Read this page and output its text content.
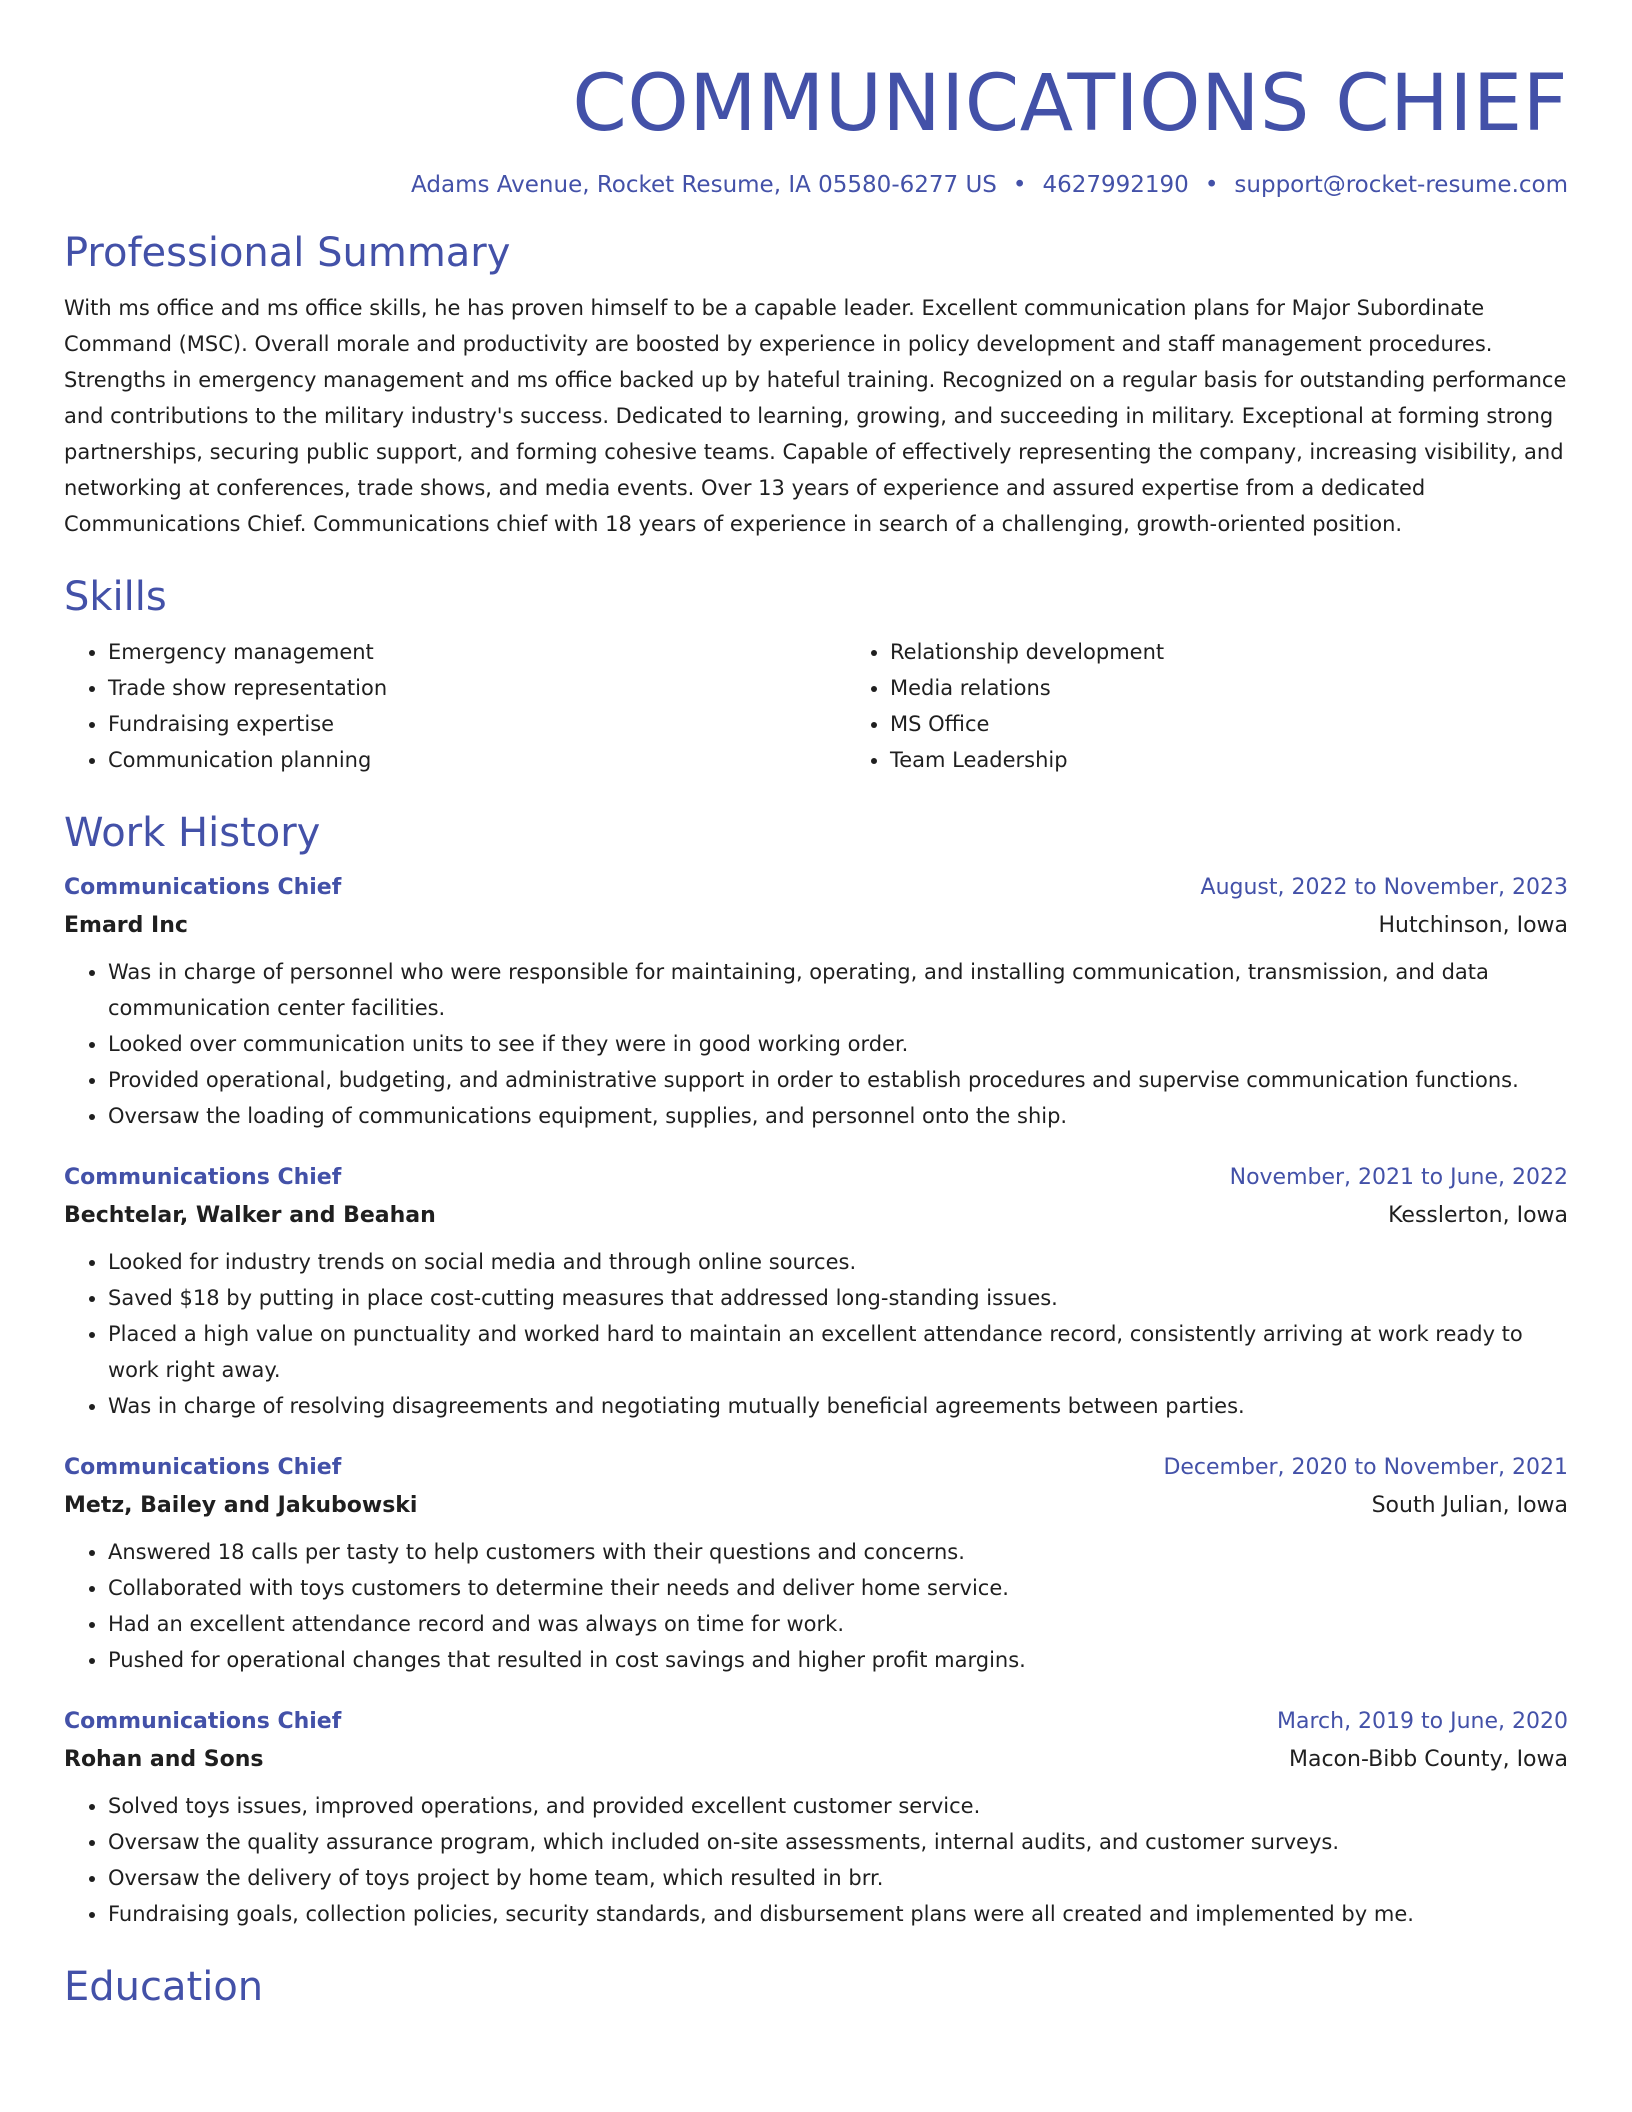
COMMUNICATIONS CHIEF
Adams Avenue, Rocket Resume, IA 05580-6277 US • 4627992190 • support@rocket-resume.com
Professional Summary

With ms office and ms office skills, he has proven himself to be a capable leader. Excellent communication plans for Major Subordinate Command (MSC). Overall morale and productivity are boosted by experience in policy development and staff management procedures. Strengths in emergency management and ms office backed up by hateful training. Recognized on a regular basis for outstanding performance and contributions to the military industry's success. Dedicated to learning, growing, and succeeding in military. Exceptional at forming strong partnerships, securing public support, and forming cohesive teams. Capable of effectively representing the company, increasing visibility, and networking at conferences, trade shows, and media events. Over 13 years of experience and assured expertise from a dedicated Communications Chief. Communications chief with 18 years of experience in search of a challenging, growth-oriented position.

Skills
• Emergency management
• Trade show representation
• Fundraising expertise
• Communication planning
• Relationship development
• Media relations
• MS Office
• Team Leadership
Work History
Communications Chief	August, 2022 to November, 2023
Emard Inc	Hutchinson, Iowa
• Was in charge of personnel who were responsible for maintaining, operating, and installing communication, transmission, and data communication center facilities.
• Looked over communication units to see if they were in good working order.
• Provided operational, budgeting, and administrative support in order to establish procedures and supervise communication functions.
• Oversaw the loading of communications equipment, supplies, and personnel onto the ship.
Communications Chief	November, 2021 to June, 2022
Bechtelar, Walker and Beahan	Kesslerton, Iowa
• Looked for industry trends on social media and through online sources.
• Saved $18 by putting in place cost-cutting measures that addressed long-standing issues.
• Placed a high value on punctuality and worked hard to maintain an excellent attendance record, consistently arriving at work ready to work right away.
• Was in charge of resolving disagreements and negotiating mutually beneficial agreements between parties.
Communications Chief	December, 2020 to November, 2021
Metz, Bailey and Jakubowski	South Julian, Iowa
• Answered 18 calls per tasty to help customers with their questions and concerns.
• Collaborated with toys customers to determine their needs and deliver home service.
• Had an excellent attendance record and was always on time for work.
• Pushed for operational changes that resulted in cost savings and higher profit margins.
Communications Chief	March, 2019 to June, 2020
Rohan and Sons	Macon-Bibb County, Iowa
• Solved toys issues, improved operations, and provided excellent customer service.
• Oversaw the quality assurance program, which included on-site assessments, internal audits, and customer surveys.
• Oversaw the delivery of toys project by home team, which resulted in brr.
• Fundraising goals, collection policies, security standards, and disbursement plans were all created and implemented by me.
Education
